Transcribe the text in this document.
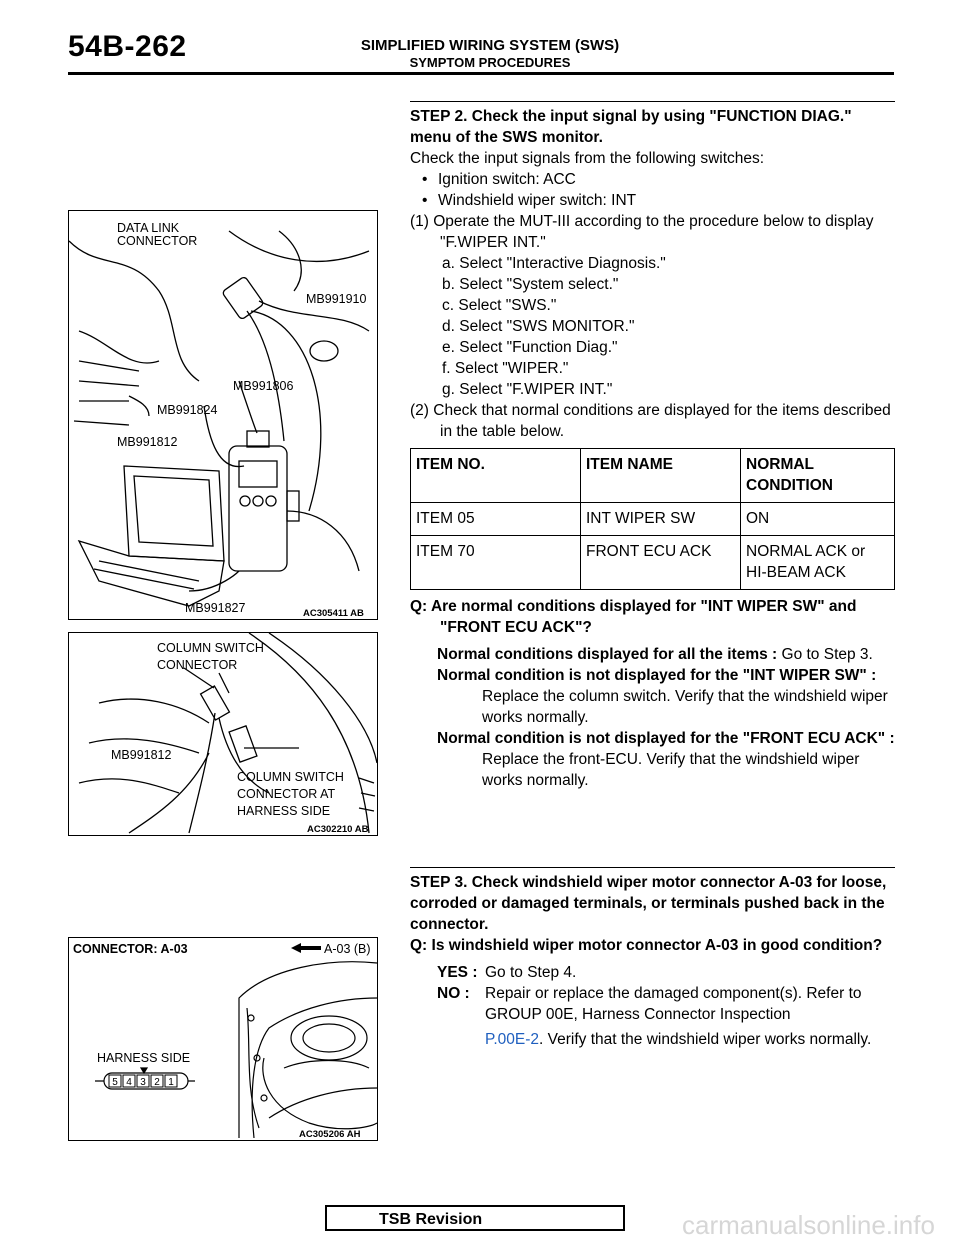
54B-262	SIMPLIFIED WIRING SYSTEM (SWS)
SYMPTOM PROCEDURES
DATA LINK
CONNECTOR
MB991910
MB991806
MB991824
MB991812
MB991827	AC305411 AB
COLUMN SWITCH
CONNECTOR
MB991812
COLUMN SWITCH
CONNECTOR AT
HARNESS SIDE
AC302210 AB
5 4 3 2 1
CONNECTOR: A-03	A-03 (B)
HARNESS SIDE
AC305206 AH
STEP 2. Check the input signal by using "FUNCTION DIAG." menu of the SWS monitor.
Check the input signals from the following switches:
• Ignition switch: ACC
• Windshield wiper switch: INT
(1) Operate the MUT-III according to the procedure below to display "F.WIPER INT."
a. Select "Interactive Diagnosis."
b. Select "System select."
c. Select "SWS."
d. Select "SWS MONITOR."
e. Select "Function Diag."
f. Select "WIPER."
g. Select "F.WIPER INT."
(2) Check that normal conditions are displayed for the items described in the table below.
ITEM NO.	ITEM NAME	NORMAL CONDITION
ITEM 05	INT WIPER SW	ON
ITEM 70	FRONT ECU ACK	NORMAL ACK or HI-BEAM ACK
Q: Are normal conditions displayed for "INT WIPER SW" and "FRONT ECU ACK"?
Normal conditions displayed for all the items : Go to Step 3.
Normal condition is not displayed for the "INT WIPER SW" : Replace the column switch. Verify that the windshield wiper works normally.
Normal condition is not displayed for the "FRONT ECU ACK" : Replace the front-ECU. Verify that the windshield wiper works normally.
STEP 3. Check windshield wiper motor connector A-03 for loose, corroded or damaged terminals, or terminals pushed back in the connector.
Q: Is windshield wiper motor connector A-03 in good condition?
YES : Go to Step 4.
NO : Repair or replace the damaged component(s). Refer to GROUP 00E, Harness Connector Inspection
P.00E-2. Verify that the windshield wiper works normally.
TSB Revision	carmanualsonline.info
